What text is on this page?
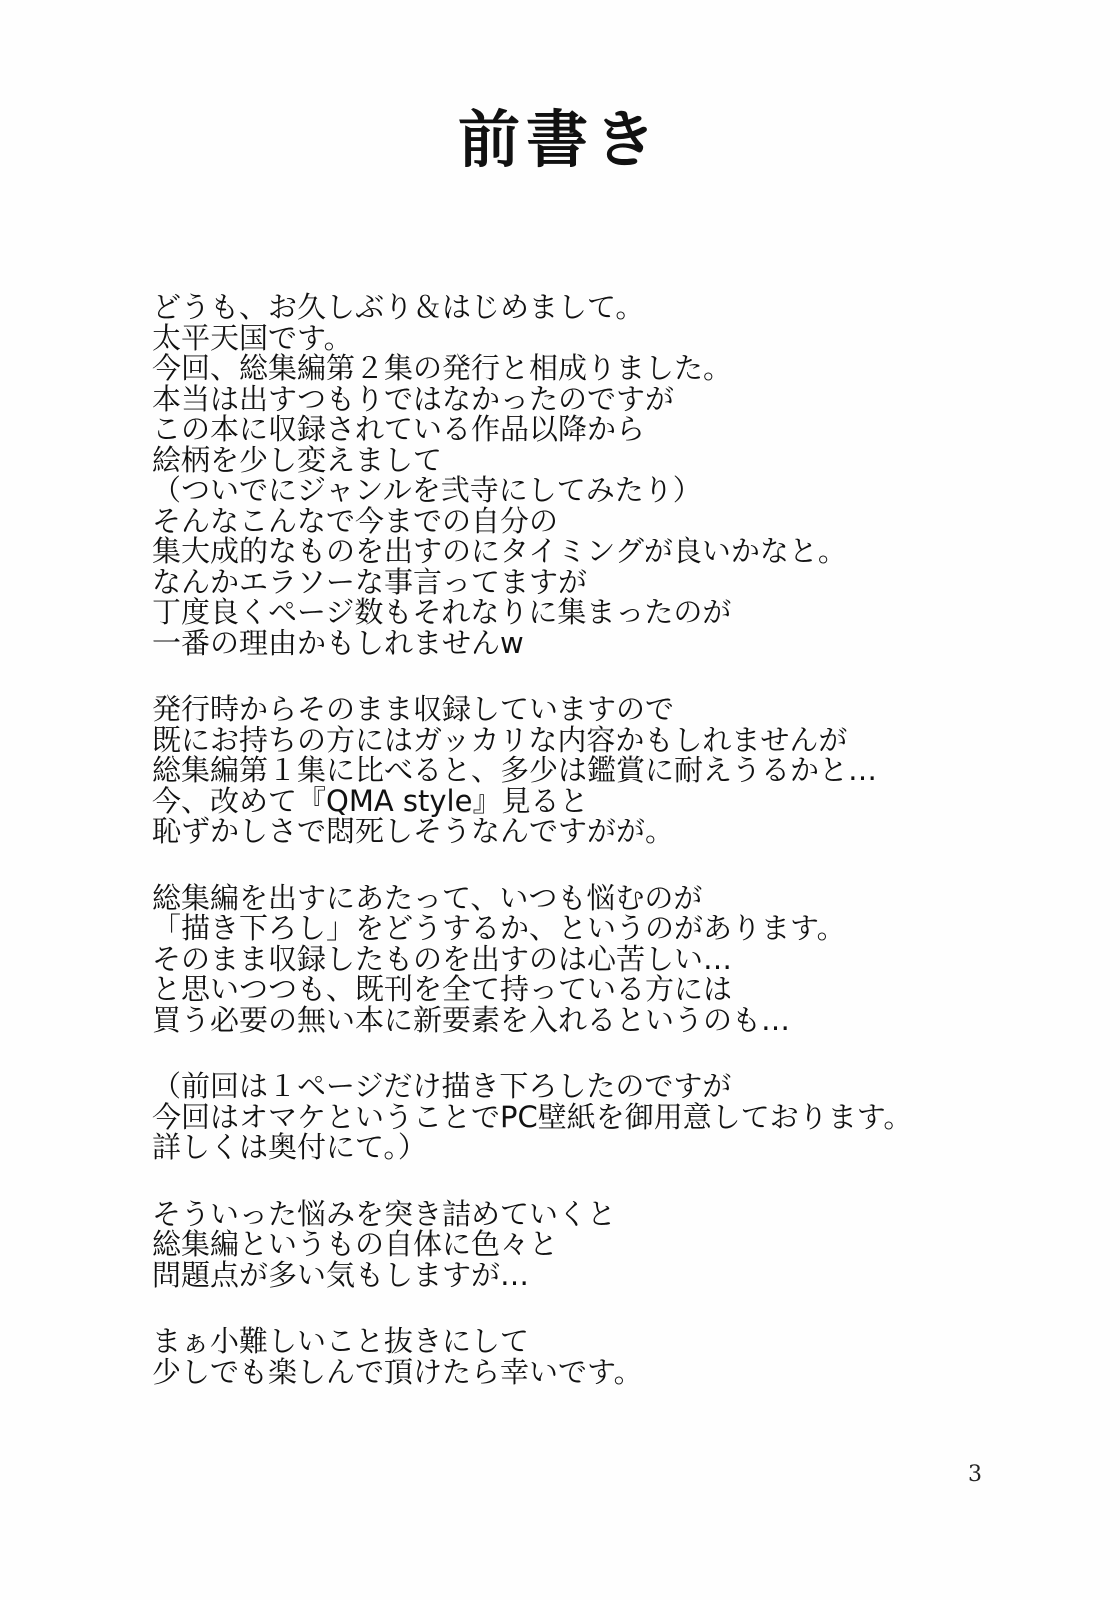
前書き
どうも、お久しぶり＆はじめまして。
太平天国です。
今回、総集編第２集の発行と相成りました。
本当は出すつもりではなかったのですが
この本に収録されている作品以降から
絵柄を少し変えまして
（ついでにジャンルを弐寺にしてみたり）
そんなこんなで今までの自分の
集大成的なものを出すのにタイミングが良いかなと。
なんかエラソーな事言ってますが
丁度良くページ数もそれなりに集まったのが
一番の理由かもしれませんw
発行時からそのまま収録していますので
既にお持ちの方にはガッカリな内容かもしれませんが
総集編第１集に比べると、多少は鑑賞に耐えうるかと…
今、改めて『QMA style』見ると
恥ずかしさで悶死しそうなんですがが。
総集編を出すにあたって、いつも悩むのが
「描き下ろし」をどうするか、というのがあります。
そのまま収録したものを出すのは心苦しい…
と思いつつも、既刊を全て持っている方には
買う必要の無い本に新要素を入れるというのも…
（前回は１ページだけ描き下ろしたのですが
今回はオマケということでPC壁紙を御用意しております。
詳しくは奥付にて。）
そういった悩みを突き詰めていくと
総集編というもの自体に色々と
問題点が多い気もしますが…
まぁ小難しいこと抜きにして
少しでも楽しんで頂けたら幸いです。
3
